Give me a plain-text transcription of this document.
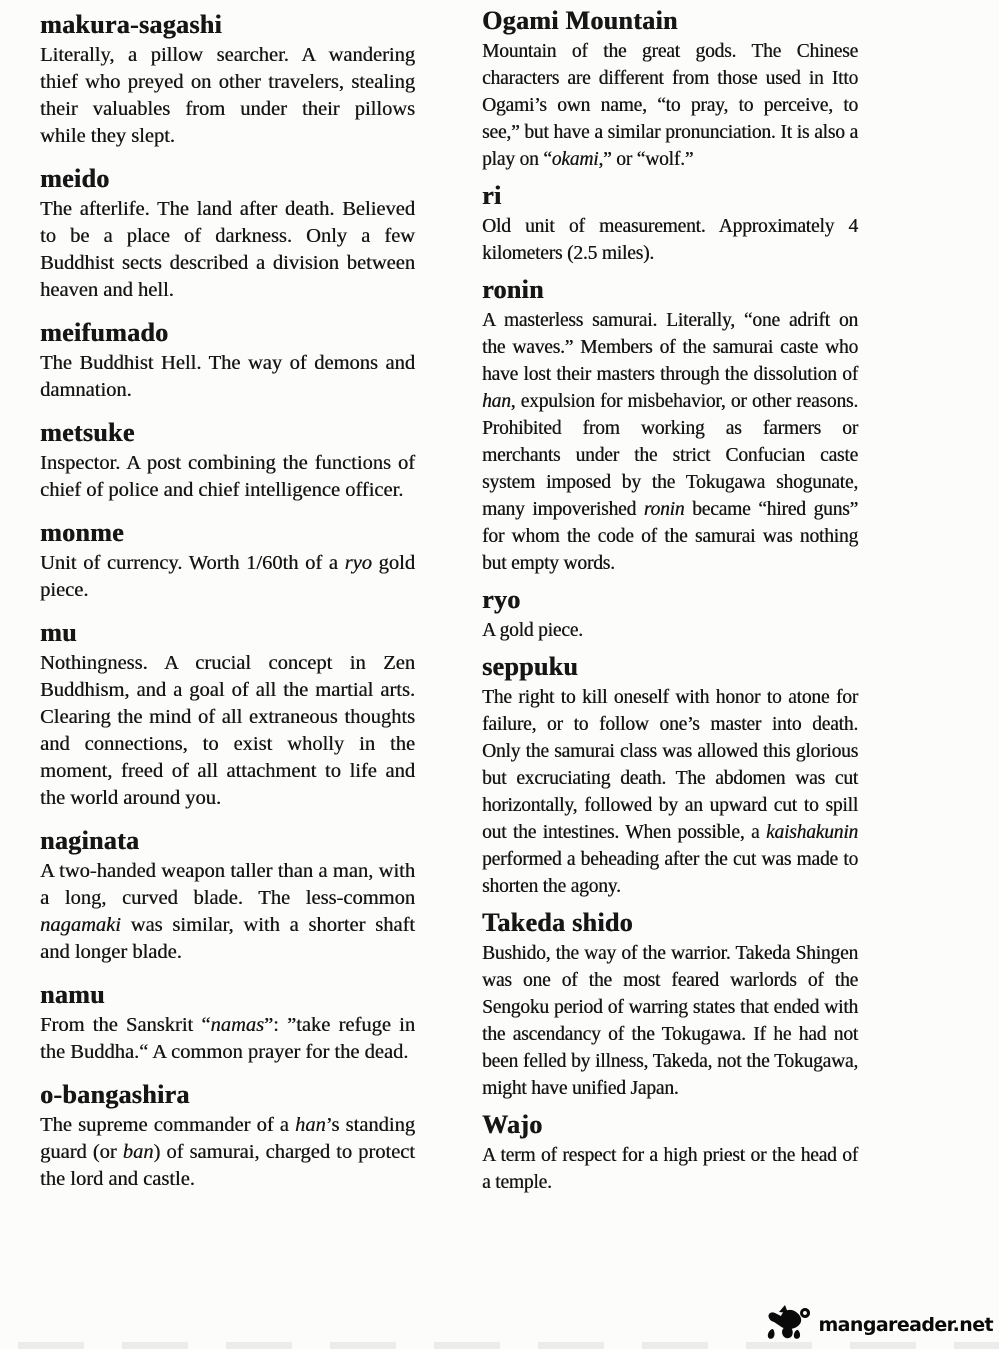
makura-sagashi

Literally, a pillow searcher. A wandering thief who preyed on other travelers, stealing their valuables from under their pillows while they slept.

meido

The afterlife. The land after death. Believed to be a place of darkness. Only a few Buddhist sects described a division between heaven and hell.

meifumado

The Buddhist Hell. The way of demons and damnation.

metsuke

Inspector. A post combining the functions of chief of police and chief intelligence officer.

monme

Unit of currency. Worth 1/60th of a ryo gold piece.

mu

Nothingness. A crucial concept in Zen Buddhism, and a goal of all the martial arts. Clearing the mind of all extraneous thoughts and connections, to exist wholly in the moment, freed of all attachment to life and the world around you.

naginata

A two-handed weapon taller than a man, with a long, curved blade. The less-common nagamaki was similar, with a shorter shaft and longer blade.

namu

From the Sanskrit “namas”: ”take refuge in the Buddha.“ A common prayer for the dead.

o-bangashira

The supreme commander of a han’s standing guard (or ban) of samurai, charged to protect the lord and castle.

Ogami Mountain

Mountain of the great gods. The Chinese characters are different from those used in Itto Ogami’s own name, “to pray, to perceive, to see,” but have a similar pronunciation. It is also a play on “okami,” or “wolf.”

ri

Old unit of measurement. Approximately 4 kilometers (2.5 miles).

ronin

A masterless samurai. Literally, “one adrift on the waves.” Members of the samurai caste who have lost their masters through the dissolution of han, expulsion for misbehavior, or other reasons. Prohibited from working as farmers or merchants under the strict Confucian caste system imposed by the Tokugawa shogunate, many impoverished ronin became “hired guns” for whom the code of the samurai was nothing but empty words.

ryo

A gold piece.

seppuku

The right to kill oneself with honor to atone for failure, or to follow one’s master into death. Only the samurai class was allowed this glorious but excruciating death. The abdomen was cut horizontally, followed by an upward cut to spill out the intestines. When possible, a kaishakunin performed a beheading after the cut was made to shorten the agony.

Takeda shido

Bushido, the way of the warrior. Takeda Shingen was one of the most feared warlords of the Sengoku period of warring states that ended with the ascendancy of the Tokugawa. If he had not been felled by illness, Takeda, not the Tokugawa, might have unified Japan.

Wajo

A term of respect for a high priest or the head of a temple.

mangareader.net
